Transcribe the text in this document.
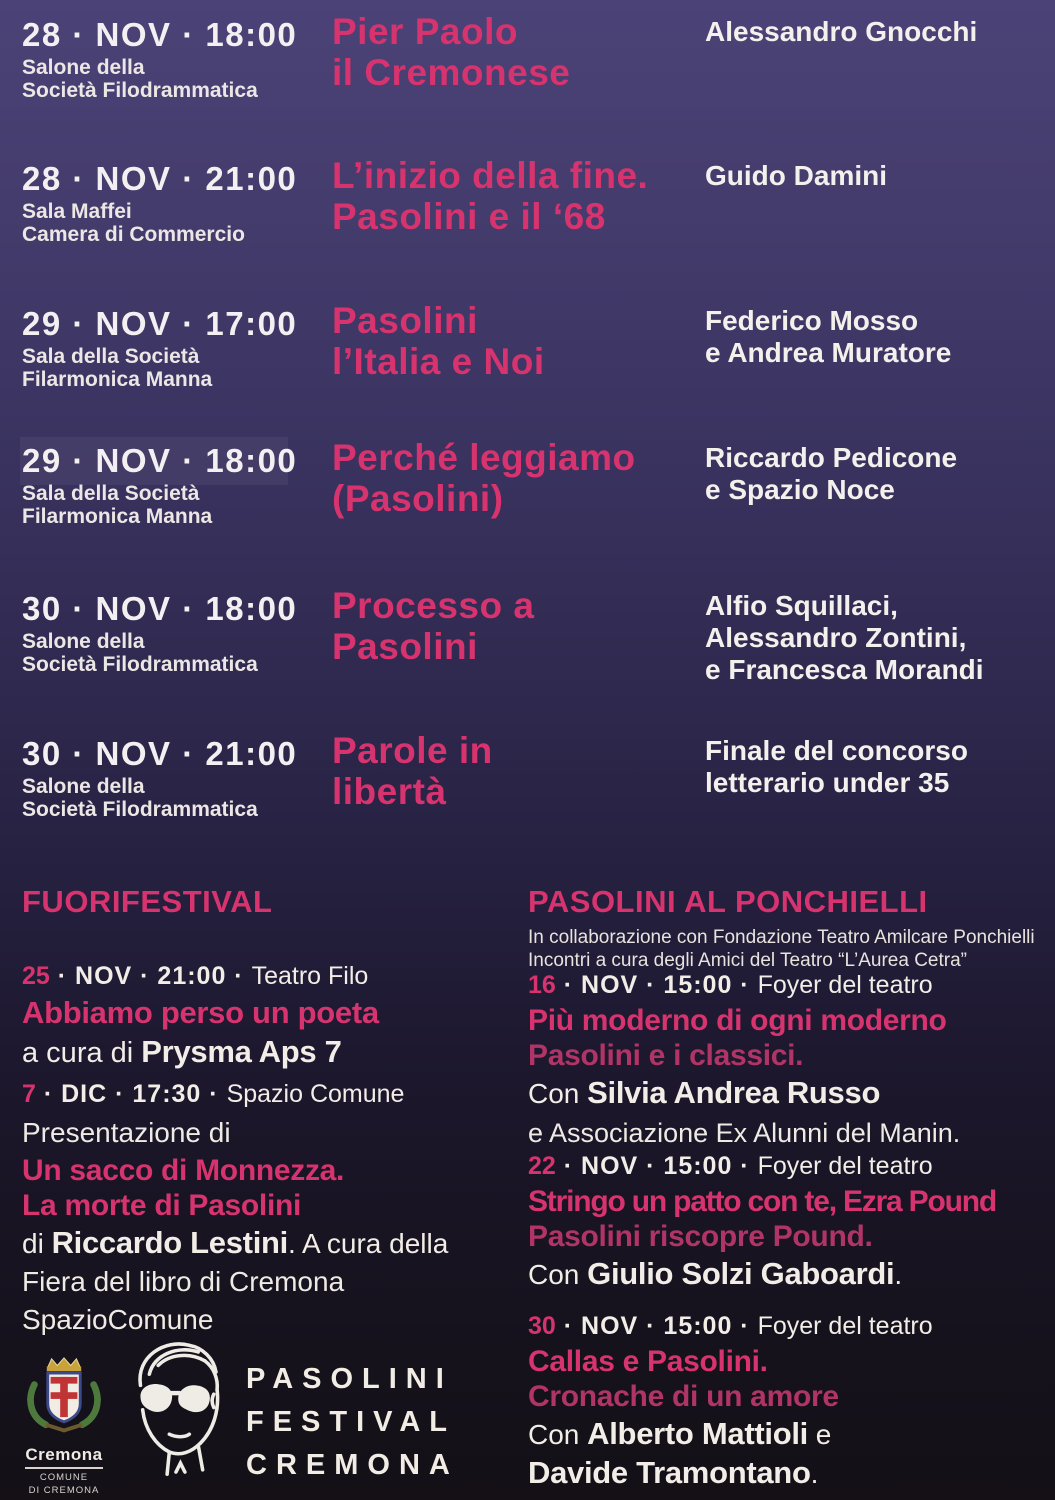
28 · NOV · 18:00
Salone della
Società Filodrammatica
Pier Paolo
il Cremonese
Alessandro Gnocchi
28 · NOV · 21:00
Sala Maffei
Camera di Commercio
L’inizio della fine.
Pasolini e il ‘68
Guido Damini
29 · NOV · 17:00
Sala della Società
Filarmonica Manna
Pasolini
l’Italia e Noi
Federico Mosso
e Andrea Muratore
29 · NOV · 18:00
Sala della Società
Filarmonica Manna
Perché leggiamo
(Pasolini)
Riccardo Pedicone
e Spazio Noce
30 · NOV · 18:00
Salone della
Società Filodrammatica
Processo a
Pasolini
Alfio Squillaci,
Alessandro Zontini,
e Francesca Morandi
30 · NOV · 21:00
Salone della
Società Filodrammatica
Parole in
libertà
Finale del concorso
letterario under 35
FUORIFESTIVAL
25 · NOV · 21:00 · Teatro Filo
Abbiamo perso un poeta
a cura di Prysma Aps 7
7 · DIC · 17:30 · Spazio Comune
Presentazione di
Un sacco di Monnezza.
La morte di Pasolini
di Riccardo Lestini. A cura della
Fiera del libro di Cremona
SpazioComune
PASOLINI AL PONCHIELLI
In collaborazione con Fondazione Teatro Amilcare Ponchielli
Incontri a cura degli Amici del Teatro “L’Aurea Cetra”
16 · NOV · 15:00 · Foyer del teatro
Più moderno di ogni moderno
Pasolini e i classici.
Con Silvia Andrea Russo
e Associazione Ex Alunni del Manin.
22 · NOV · 15:00 · Foyer del teatro
Stringo un patto con te, Ezra Pound
Pasolini riscopre Pound.
Con Giulio Solzi Gaboardi.
30 · NOV · 15:00 · Foyer del teatro
Callas e Pasolini.
Cronache di un amore
Con Alberto Mattioli e
Davide Tramontano.
Cremona
COMUNE
DI CREMONA
PASOLINI
FESTIVAL
CREMONA
